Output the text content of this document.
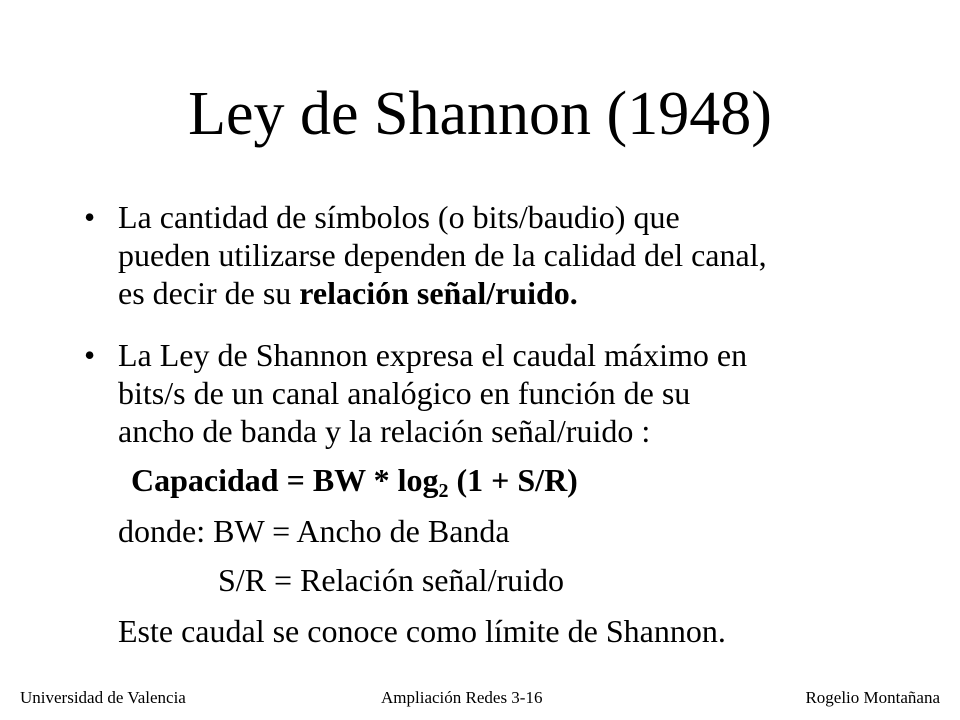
Ley de Shannon (1948)
• La cantidad de símbolos (o bits/baudio) que
pueden utilizarse dependen de la calidad del canal,
es decir de su relación señal/ruido.
• La Ley de Shannon expresa el caudal máximo en
bits/s de un canal analógico en función de su
ancho de banda y la relación señal/ruido :
Capacidad = BW * $\log_2 (1 + S/R)$
donde: BW = Ancho de Banda
S/R = Relación señal/ruido
Este caudal se conoce como límite de Shannon.
Universidad de Valencia	Ampliación Redes 3-16	Rogelio Montañana
